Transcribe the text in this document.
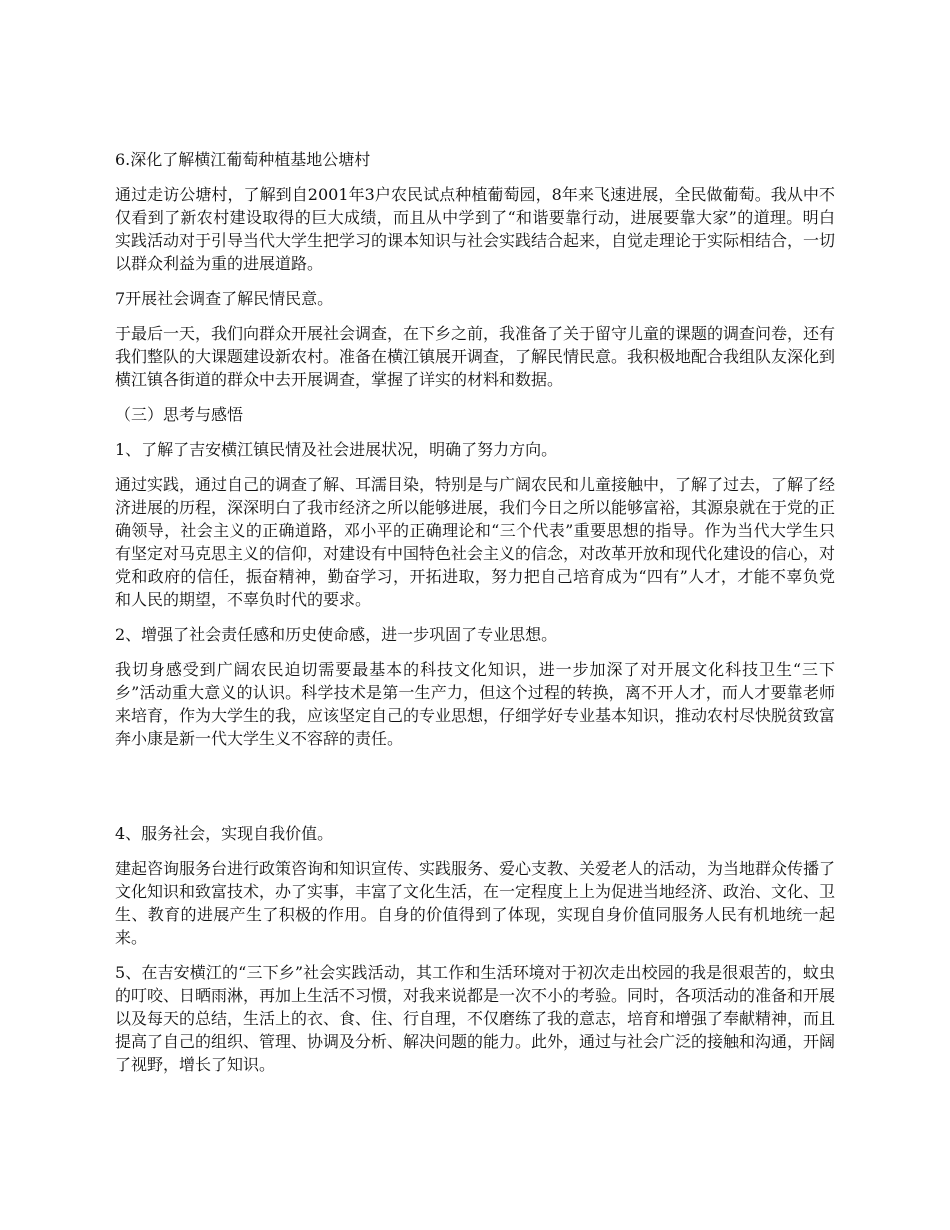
6.深化了解横江葡萄种植基地公塘村

通过走访公塘村，了解到自2001年3户农民试点种植葡萄园，8年来飞速进展，全民做葡萄。我从中不仅看到了新农村建设取得的巨大成绩，而且从中学到了“和谐要靠行动，进展要靠大家”的道理。明白实践活动对于引导当代大学生把学习的课本知识与社会实践结合起来，自觉走理论于实际相结合，一切以群众利益为重的进展道路。

7开展社会调查了解民情民意。

于最后一天，我们向群众开展社会调查，在下乡之前，我准备了关于留守儿童的课题的调查问卷，还有我们整队的大课题建设新农村。准备在横江镇展开调查，了解民情民意。我积极地配合我组队友深化到横江镇各街道的群众中去开展调查，掌握了详实的材料和数据。

（三）思考与感悟

1、了解了吉安横江镇民情及社会进展状况，明确了努力方向。

通过实践，通过自己的调查了解、耳濡目染，特别是与广阔农民和儿童接触中，了解了过去，了解了经济进展的历程，深深明白了我市经济之所以能够进展，我们今日之所以能够富裕，其源泉就在于党的正确领导，社会主义的正确道路，邓小平的正确理论和“三个代表”重要思想的指导。作为当代大学生只有坚定对马克思主义的信仰，对建设有中国特色社会主义的信念，对改革开放和现代化建设的信心，对党和政府的信任，振奋精神，勤奋学习，开拓进取，努力把自己培育成为“四有”人才，才能不辜负党和人民的期望，不辜负时代的要求。

2、增强了社会责任感和历史使命感，进一步巩固了专业思想。

我切身感受到广阔农民迫切需要最基本的科技文化知识，进一步加深了对开展文化科技卫生“三下乡”活动重大意义的认识。科学技术是第一生产力，但这个过程的转换，离不开人才，而人才要靠老师来培育，作为大学生的我，应该坚定自己的专业思想，仔细学好专业基本知识，推动农村尽快脱贫致富奔小康是新一代大学生义不容辞的责任。

4、服务社会，实现自我价值。

建起咨询服务台进行政策咨询和知识宣传、实践服务、爱心支教、关爱老人的活动，为当地群众传播了文化知识和致富技术，办了实事，丰富了文化生活，在一定程度上上为促进当地经济、政治、文化、卫生、教育的进展产生了积极的作用。自身的价值得到了体现，实现自身价值同服务人民有机地统一起来。

5、在吉安横江的“三下乡”社会实践活动，其工作和生活环境对于初次走出校园的我是很艰苦的，蚊虫的叮咬、日晒雨淋，再加上生活不习惯，对我来说都是一次不小的考验。同时，各项活动的准备和开展以及每天的总结，生活上的衣、食、住、行自理，不仅磨练了我的意志，培育和增强了奉献精神，而且提高了自己的组织、管理、协调及分析、解决问题的能力。此外，通过与社会广泛的接触和沟通，开阔了视野，增长了知识。
